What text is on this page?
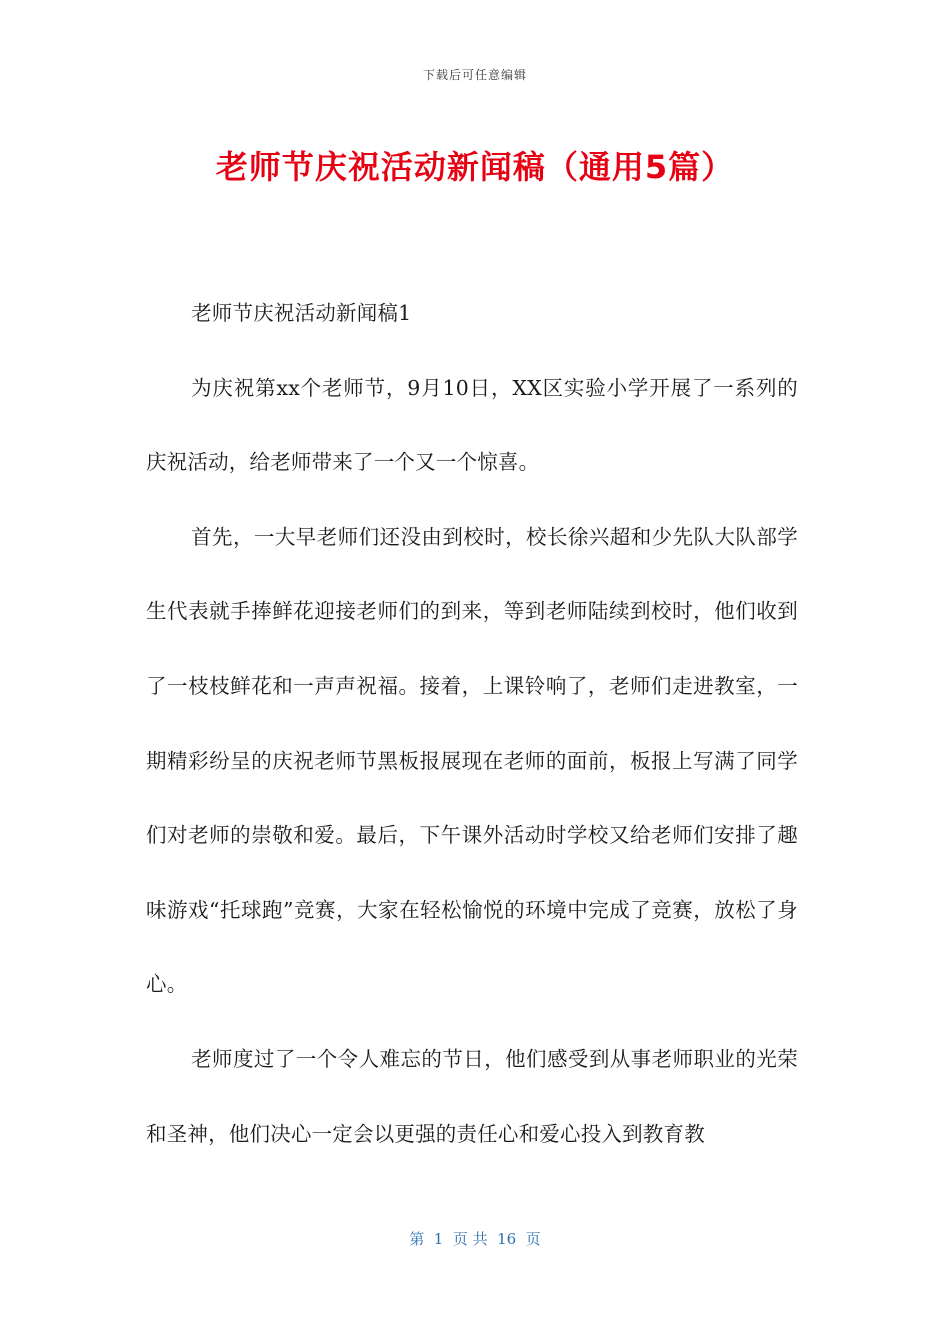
下载后可任意编辑
老师节庆祝活动新闻稿（通用5篇）

老师节庆祝活动新闻稿1

为庆祝第xx个老师节，9月10日，XX区实验小学开展了一系列的庆祝活动，给老师带来了一个又一个惊喜。

首先，一大早老师们还没由到校时，校长徐兴超和少先队大队部学生代表就手捧鲜花迎接老师们的到来，等到老师陆续到校时，他们收到了一枝枝鲜花和一声声祝福。接着，上课铃响了，老师们走进教室，一期精彩纷呈的庆祝老师节黑板报展现在老师的面前，板报上写满了同学们对老师的崇敬和爱。最后，下午课外活动时学校又给老师们安排了趣味游戏“托球跑”竞赛，大家在轻松愉悦的环境中完成了竞赛，放松了身心。

老师度过了一个令人难忘的节日，他们感受到从事老师职业的光荣和圣神，他们决心一定会以更强的责任心和爱心投入到教育教

第  1  页 共  16  页
